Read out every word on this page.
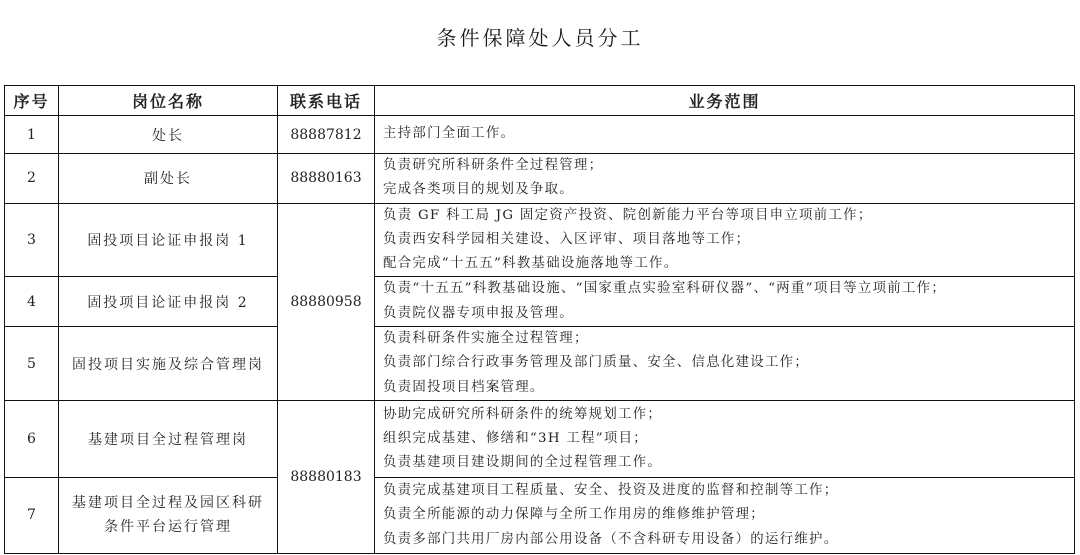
条件保障处人员分工
序号	岗位名称	联系电话	业务范围
1	处长	88887812	主持部门全面工作。

2	副处长	88880163	负责研究所科研条件全过程管理；
完成各类项目的规划及争取。

3	固投项目论证申报岗 1	88880958	负责 GF 科工局 JG 固定资产投资、院创新能力平台等项目申立项前工作；
负责西安科学园相关建设、入区评审、项目落地等工作；
配合完成“十五五”科教基础设施落地等工作。

4	固投项目论证申报岗 2		负责“十五五”科教基础设施、“国家重点实验室科研仪器”、“两重”项目等立项前工作；
负责院仪器专项申报及管理。

5	固投项目实施及综合管理岗		负责科研条件实施全过程管理；
负责部门综合行政事务管理及部门质量、安全、信息化建设工作；
负责固投项目档案管理。

6	基建项目全过程管理岗	88880183	协助完成研究所科研条件的统筹规划工作；
组织完成基建、修缮和“3H 工程”项目；
负责基建项目建设期间的全过程管理工作。

7	基建项目全过程及园区科研
条件平台运行管理		负责完成基建项目工程质量、安全、投资及进度的监督和控制等工作；
负责全所能源的动力保障与全所工作用房的维修维护管理；
负责多部门共用厂房内部公用设备（不含科研专用设备）的运行维护。
